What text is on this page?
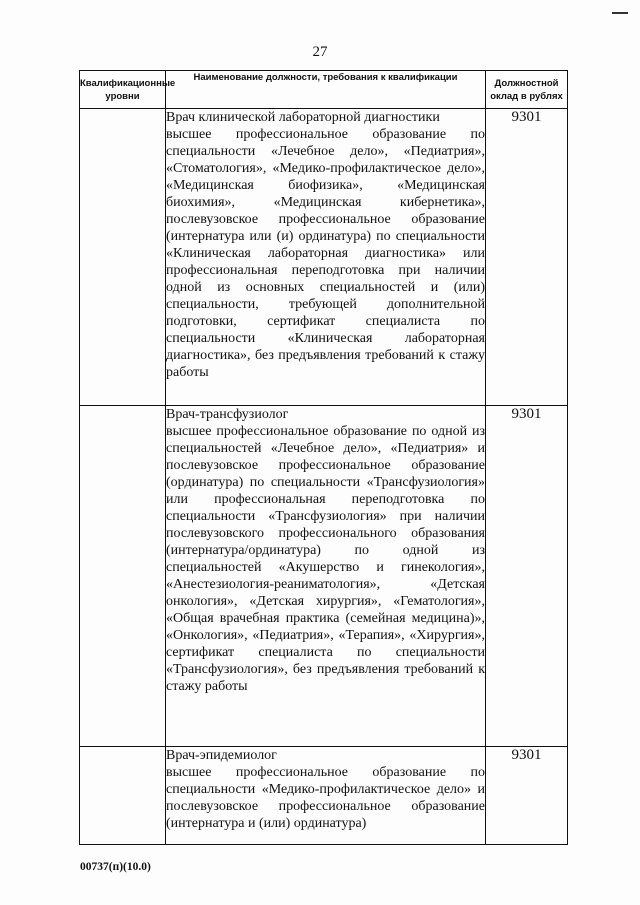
27
Квалификационные уровни	Наименование должности, требования к квалификации	Должностной оклад в рублях

	Врач клинической лабораторной диагностики

высшее профессиональное образование по специальности «Лечебное дело», «Педиатрия», «Стоматология», «Медико-профилактическое дело», «Медицинская биофизика», «Медицинская биохимия», «Медицинская кибернетика», послевузовское профессиональное образование (интернатура или (и) ординатура) по специальности «Клиническая лабораторная диагностика» или профессиональная переподготовка при наличии одной из основных специальностей и (или) специальности, требующей дополнительной подготовки, сертификат специалиста по специальности «Клиническая лабораторная диагностика», без предъявления требований к стажу работы	9301

	Врач-трансфузиолог

высшее профессиональное образование по одной из специальностей «Лечебное дело», «Педиатрия» и послевузовское профессиональное образование (ординатура) по специальности «Трансфузиология» или профессиональная переподготовка по специальности «Трансфузиология» при наличии послевузовского профессионального образования (интернатура/ординатура) по одной из специальностей «Акушерство и гинекология», «Анестезиология-реаниматология», «Детская онкология», «Детская хирургия», «Гематология», «Общая врачебная практика (семейная медицина)», «Онкология», «Педиатрия», «Терапия», «Хирургия», сертификат специалиста по специальности «Трансфузиология», без предъявления требований к стажу работы	9301

	Врач-эпидемиолог

высшее профессиональное образование по специальности «Медико-профилактическое дело» и послевузовское профессиональное образование (интернатура и (или) ординатура)	9301
00737(п)(10.0)
